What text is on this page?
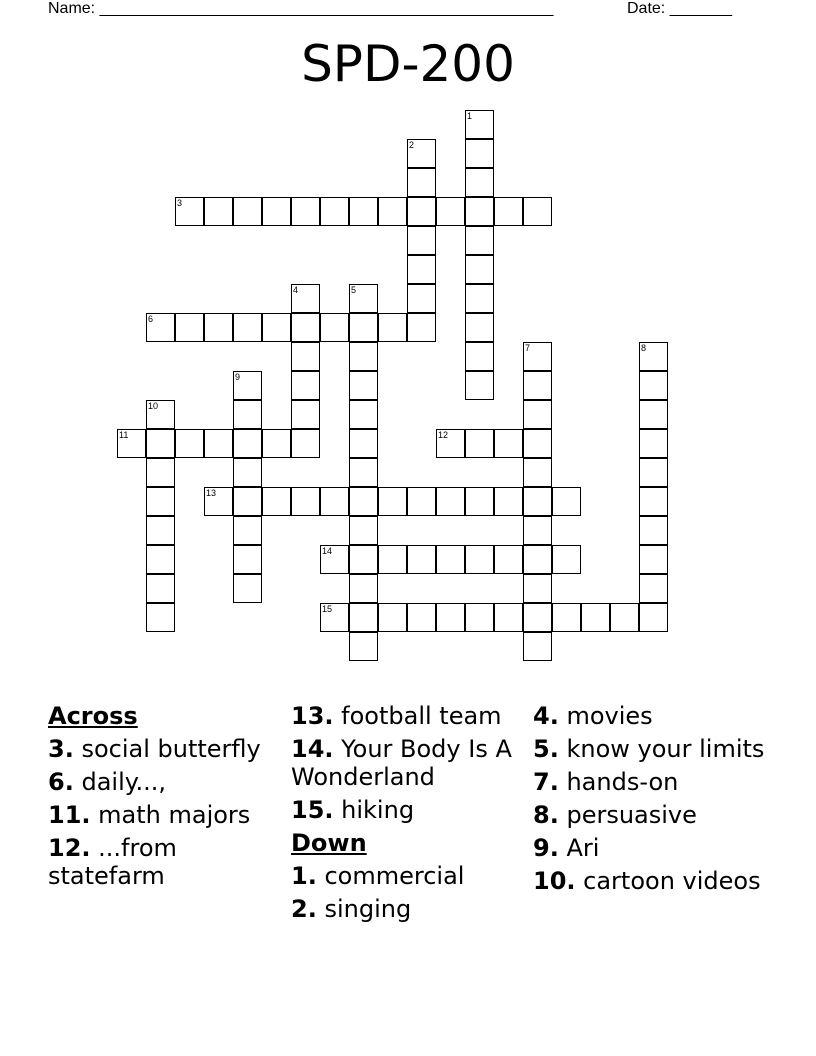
Name: ___________________________________________________	Date: _______
SPD-200
1
2
3
4	5
6
7	8
9
10
11	12
13
14
15
Across
3. social butterfly
6. daily...,
11. math majors
12. ...from statefarm
13. football team
14. Your Body Is A Wonderland
15. hiking
Down
1. commercial
2. singing
4. movies
5. know your limits
7. hands-on
8. persuasive
9. Ari
10. cartoon videos
